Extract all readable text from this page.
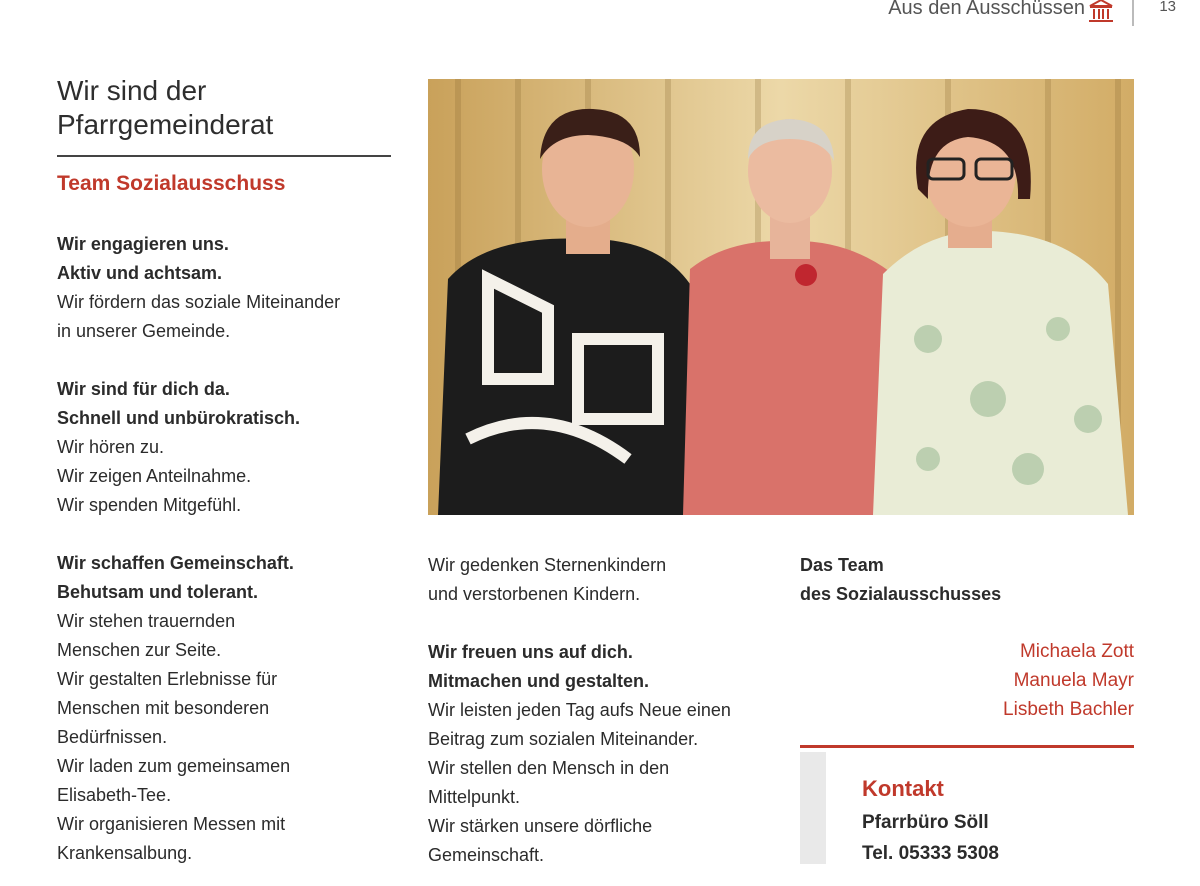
Aus den Ausschüssen	13
Wir sind der
Pfarrgemeinderat
Team Sozialausschuss

Wir engagieren uns.
Aktiv und achtsam.
Wir fördern das soziale Miteinander
in unserer Gemeinde.

Wir sind für dich da.
Schnell und unbürokratisch.
Wir hören zu.
Wir zeigen Anteilnahme.
Wir spenden Mitgefühl.

Wir schaffen Gemeinschaft.
Behutsam und tolerant.
Wir stehen trauernden
Menschen zur Seite.
Wir gestalten Erlebnisse für
Menschen mit besonderen
Bedürfnissen.
Wir laden zum gemeinsamen
Elisabeth-Tee.
Wir organisieren Messen mit
Krankensalbung.

Wir gedenken Sternenkindern
und verstorbenen Kindern.

Wir freuen uns auf dich.
Mitmachen und gestalten.
Wir leisten jeden Tag aufs Neue einen
Beitrag zum sozialen Miteinander.
Wir stellen den Mensch in den
Mittelpunkt.
Wir stärken unsere dörfliche
Gemeinschaft.

Das Team
des Sozialausschusses
Michaela Zott
Manuela Mayr
Lisbeth Bachler
Kontakt
Pfarrbüro Söll
Tel. 05333 5308
